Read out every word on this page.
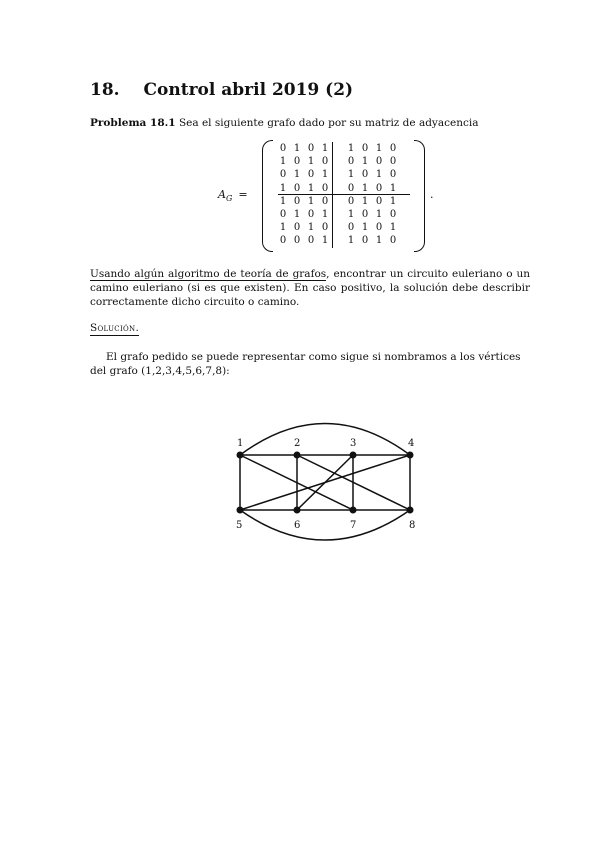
18. Control abril 2019 (2)
Problema 18.1 Sea el siguiente grafo dado por su matriz de adyacencia
$A_G$ =
0 1 0 1	1 0 1 0
1 0 1 0	0 1 0 0
0 1 0 1	1 0 1 0
1 0 1 0	0 1 0 1
1 0 1 0	0 1 0 1
0 1 0 1	1 0 1 0
1 0 1 0	0 1 0 1
0 0 0 1	1 0 1 0
.
Usando algún algoritmo de teoría de grafos, encontrar un circuito euleriano o un camino euleriano (si es que existen). En caso positivo, la solución debe describir correctamente dicho circuito o camino.
Solución.
El grafo pedido se puede representar como sigue si nombramos a los vértices del grafo (1,2,3,4,5,6,7,8):
1	2	3	4
5	6	7	8
